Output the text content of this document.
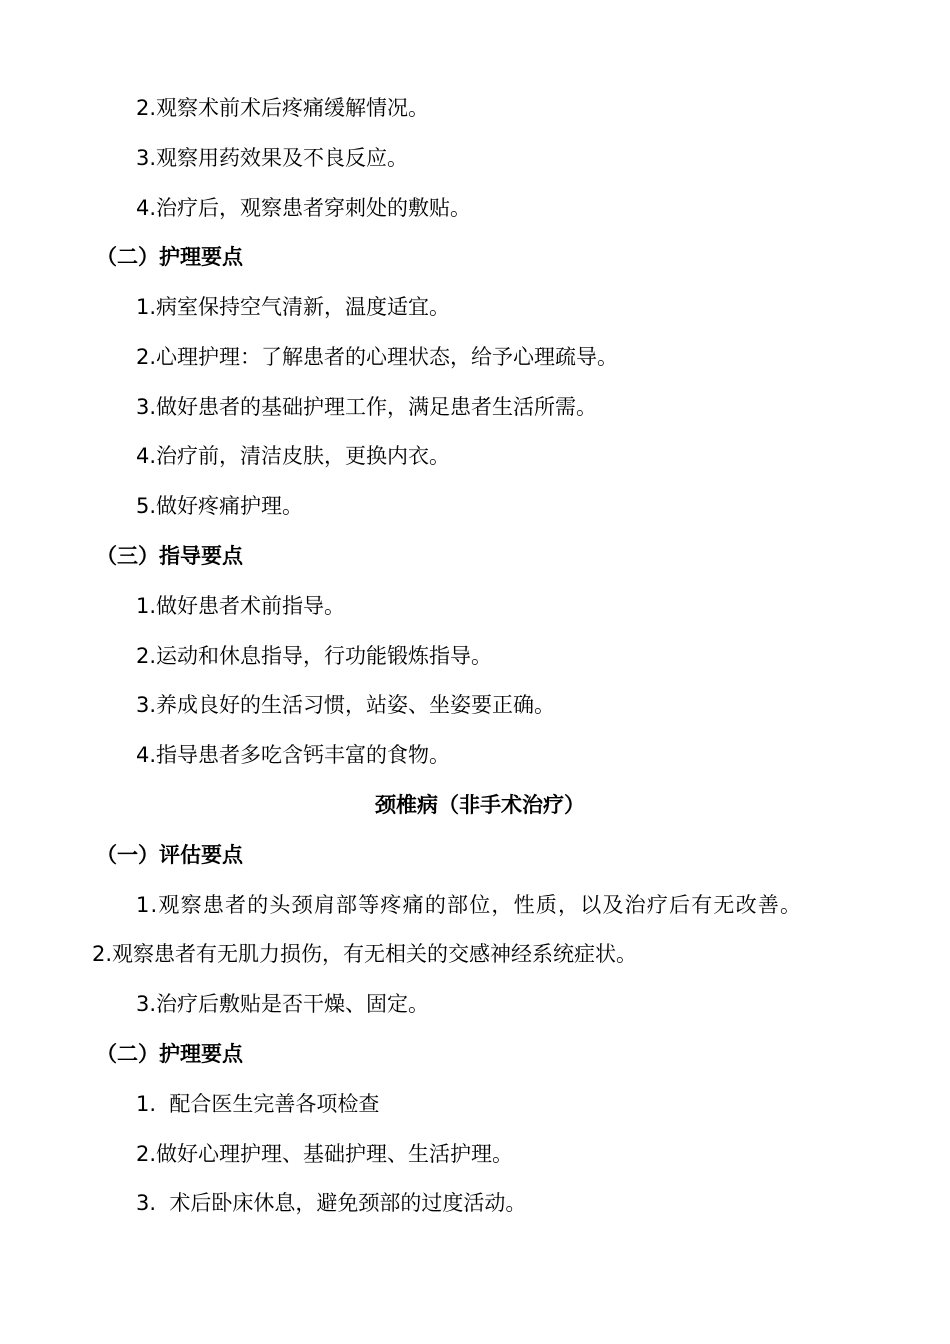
2.观察术前术后疼痛缓解情况。
3.观察用药效果及不良反应。
4.治疗后，观察患者穿刺处的敷贴。
（二）护理要点
1.病室保持空气清新，温度适宜。
2.心理护理：了解患者的心理状态，给予心理疏导。
3.做好患者的基础护理工作，满足患者生活所需。
4.治疗前，清洁皮肤，更换内衣。
5.做好疼痛护理。
（三）指导要点
1.做好患者术前指导。
2.运动和休息指导，行功能锻炼指导。
3.养成良好的生活习惯，站姿、坐姿要正确。
4.指导患者多吃含钙丰富的食物。
颈椎病（非手术治疗）
（一）评估要点
1.观察患者的头颈肩部等疼痛的部位，性质，以及治疗后有无改善。
2.观察患者有无肌力损伤，有无相关的交感神经系统症状。
3.治疗后敷贴是否干燥、固定。
（二）护理要点
1.  配合医生完善各项检查
2.做好心理护理、基础护理、生活护理。
3.  术后卧床休息，避免颈部的过度活动。
